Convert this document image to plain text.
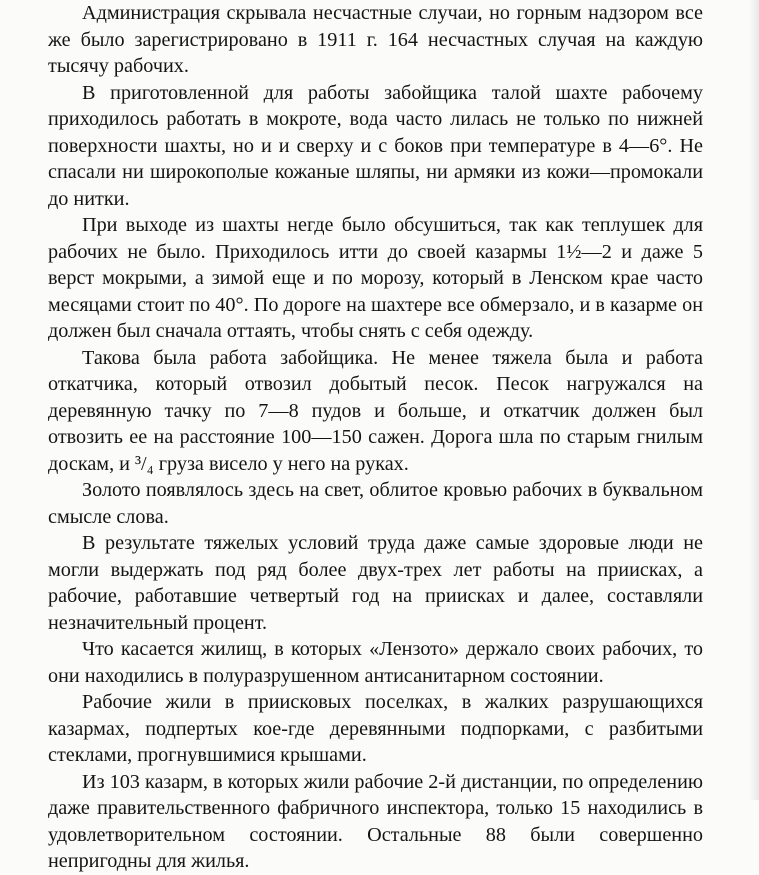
Администрация скрывала несчастные случаи, но горным надзором все же было зарегистрировано в 1911 г. 164 несчастных случая на каждую тысячу рабочих.

В приготовленной для работы забойщика талой шахте рабочему приходилось работать в мокроте, вода часто лилась не только по нижней поверхности шахты, но и и сверху и с боков при температуре в 4—6°. Не спасали ни широкополые кожаные шляпы, ни армяки из кожи—промокали до нитки.

При выходе из шахты негде было обсушиться, так как теплушек для рабочих не было. Приходилось итти до своей казармы 1½—2 и даже 5 верст мокрыми, а зимой еще и по морозу, который в Ленском крае часто месяцами стоит по 40°. По дороге на шахтере все обмерзало, и в казарме он должен был сначала оттаять, чтобы снять с себя одежду.

Такова была работа забойщика. Не менее тяжела была и работа откатчика, который отвозил добытый песок. Песок нагружался на деревянную тачку по 7—8 пудов и больше, и откатчик должен был отвозить ее на расстояние 100—150 сажен. Дорога шла по старым гнилым доскам, и ³/₄ груза висело у него на руках.

Золото появлялось здесь на свет, облитое кровью рабочих в буквальном смысле слова.

В результате тяжелых условий труда даже самые здоровые люди не могли выдержать под ряд более двух-трех лет работы на приисках, а рабочие, работавшие четвертый год на приисках и далее, составляли незначительный процент.

Что касается жилищ, в которых «Лензото» держало своих рабочих, то они находились в полуразрушенном антисанитарном состоянии.

Рабочие жили в приисковых поселках, в жалких разрушающихся казармах, подпертых кое-где деревянными подпорками, с разбитыми стеклами, прогнувшимися крышами.

Из 103 казарм, в которых жили рабочие 2-й дистанции, по определению даже правительственного фабричного инспектора, только 15 находились в удовлетворительном состоянии. Остальные 88 были совершенно непригодны для жилья.
